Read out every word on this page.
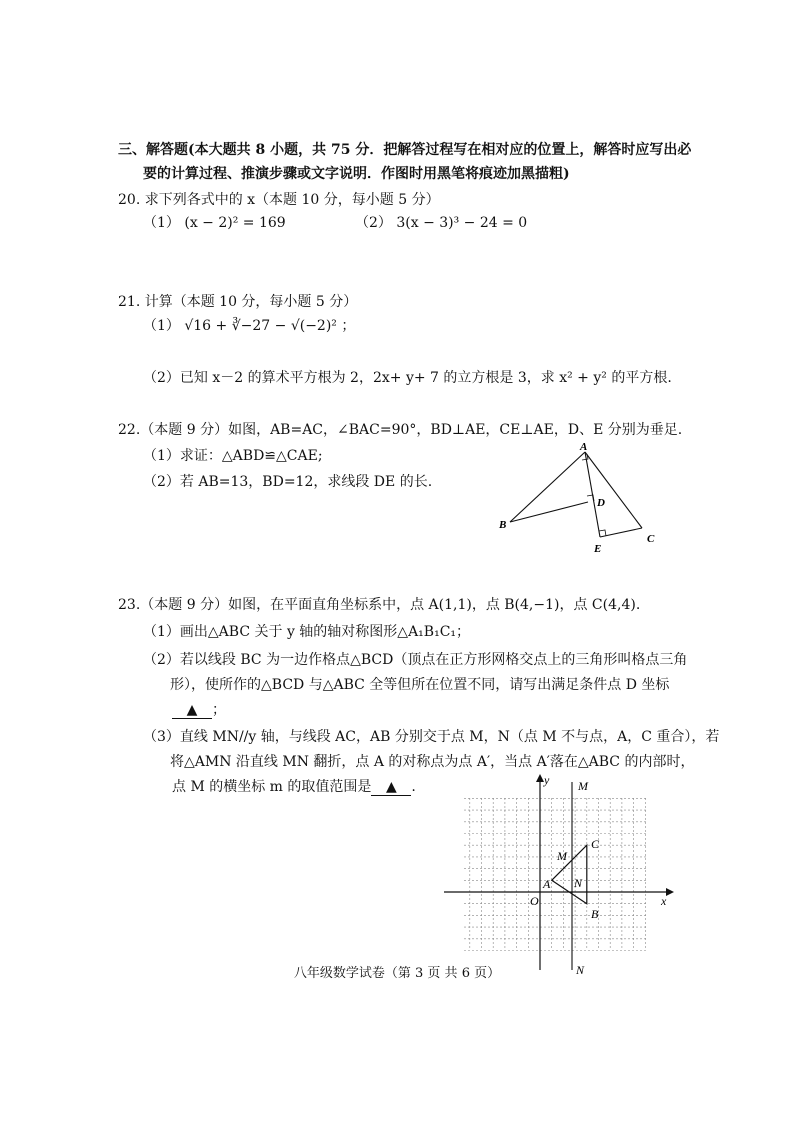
三、解答题(本大题共 8 小题，共 75 分．把解答过程写在相对应的位置上，解答时应写出必
要的计算过程、推演步骤或文字说明．作图时用黑笔将痕迹加黑描粗)
20. 求下列各式中的 x（本题 10 分，每小题 5 分）
（1） (x − 2)² = 169	（2） 3(x − 3)³ − 24 = 0
21. 计算（本题 10 分，每小题 5 分）
（1） √16 + ∛−27 − √(−2)² ；
（2）已知 x－2 的算术平方根为 2，2x+ y+ 7 的立方根是 3，求 x² + y² 的平方根.
22.（本题 9 分）如图，AB=AC，∠BAC=90°，BD⊥AE，CE⊥AE，D、E 分别为垂足.
（1）求证：△ABD≌△CAE;
（2）若 AB=13，BD=12，求线段 DE 的长.
A
B
C
D
E
23.（本题 9 分）如图，在平面直角坐标系中，点 A(1,1)，点 B(4,−1)，点 C(4,4).
（1）画出△ABC 关于 y 轴的轴对称图形△A₁B₁C₁；
（2）若以线段 BC 为一边作格点△BCD（顶点在正方形网格交点上的三角形叫格点三角
形），使所作的△BCD 与△ABC 全等但所在位置不同，请写出满足条件点 D 坐标
▲ ；
（3）直线 MN//y 轴，与线段 AC，AB 分别交于点 M，N（点 M 不与点，A，C 重合），若
将△AMN 沿直线 MN 翻折，点 A 的对称点为点 A′，当点 A′落在△ABC 的内部时，
点 M 的横坐标 m 的取值范围是 ▲ .	y
x
O
A
B
C
M
M
N
N
八年级数学试卷（第 3 页 共 6 页）
